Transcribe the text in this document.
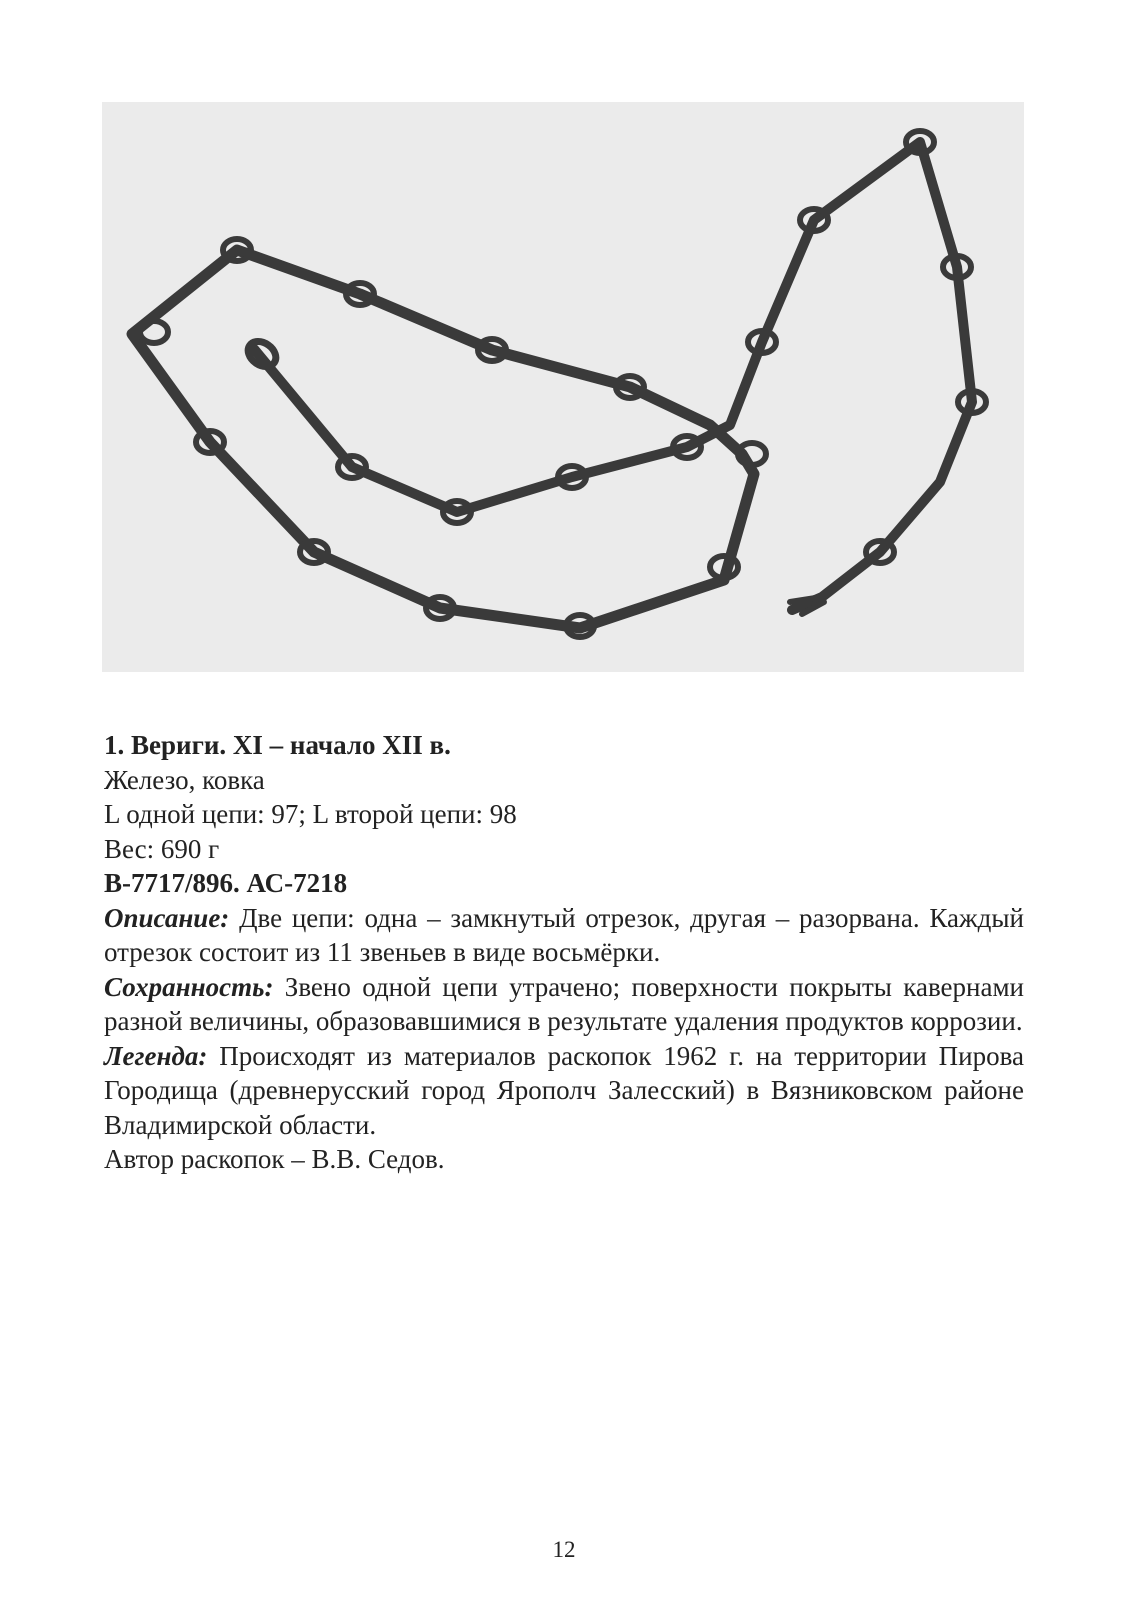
1. Вериги. XI – начало XII в.

Железо, ковка

L одной цепи: 97; L второй цепи: 98

Вес: 690 г

В-7717/896. АС-7218

Описание: Две цепи: одна – замкнутый отрезок, другая – разорвана. Каждый отрезок состоит из 11 звеньев в виде восьмёрки.

Сохранность: Звено одной цепи утрачено; поверхности покрыты кавернами разной величины, образовавшимися в результате удаления продуктов коррозии.

Легенда: Происходят из материалов раскопок 1962 г. на территории Пирова Городища (древнерусский город Ярополч Залесский) в Вязниковском районе Владимирской области.

Автор раскопок – В.В. Седов.

12
